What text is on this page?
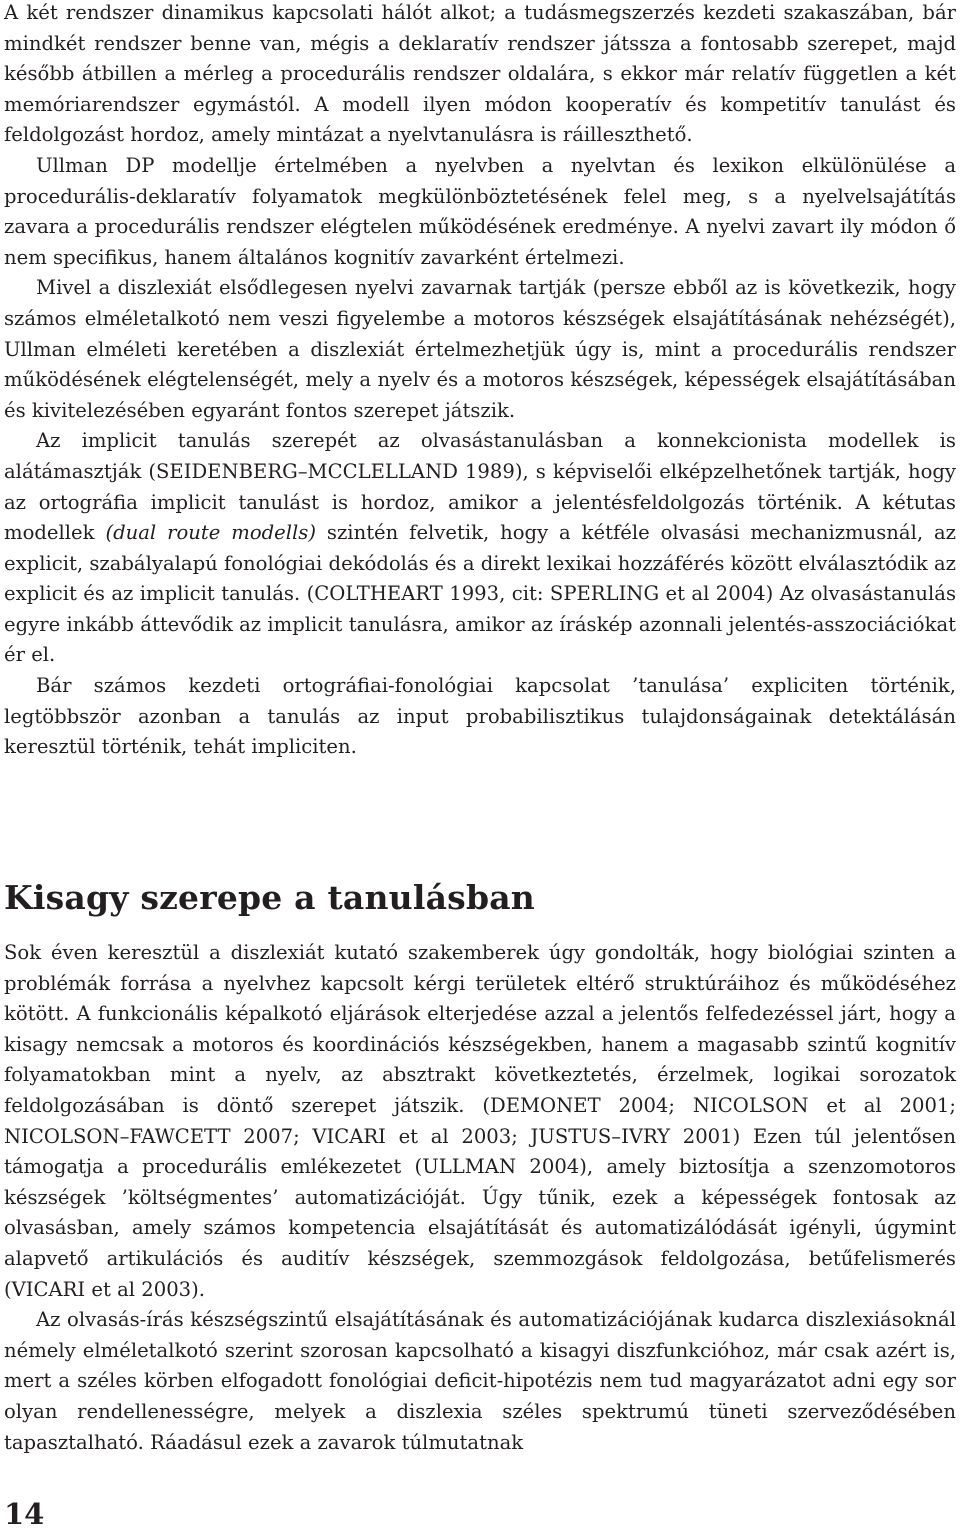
A két rendszer dinamikus kapcsolati hálót alkot; a tudásmegszerzés kezdeti szakaszában, bár mindkét rendszer benne van, mégis a deklaratív rendszer játssza a fontosabb szerepet, majd később átbillen a mérleg a procedurális rendszer oldalára, s ekkor már relatív független a két memóriarendszer egymástól. A modell ilyen módon kooperatív és kompetitív tanulást és feldolgozást hordoz, amely mintázat a nyelvtanulásra is ráilleszthető.

Ullman DP modellje értelmében a nyelvben a nyelvtan és lexikon elkülönülése a procedurális-deklaratív folyamatok megkülönböztetésének felel meg, s a nyelvelsajátítás zavara a procedurális rendszer elégtelen működésének eredménye. A nyelvi zavart ily módon ő nem specifikus, hanem általános kognitív zavarként értelmezi.

Mivel a diszlexiát elsődlegesen nyelvi zavarnak tartják (persze ebből az is következik, hogy számos elméletalkotó nem veszi figyelembe a motoros készségek elsajátításának nehézségét), Ullman elméleti keretében a diszlexiát értelmezhetjük úgy is, mint a procedurális rendszer működésének elégtelenségét, mely a nyelv és a motoros készségek, képességek elsajátításában és kivitelezésében egyaránt fontos szerepet játszik.

Az implicit tanulás szerepét az olvasástanulásban a konnekcionista modellek is alátámasztják (SEIDENBERG–MCCLELLAND 1989), s képviselői elképzelhetőnek tartják, hogy az ortográfia implicit tanulást is hordoz, amikor a jelentésfeldolgozás történik. A kétutas modellek (dual route modells) szintén felvetik, hogy a kétféle olvasási mechanizmusnál, az explicit, szabályalapú fonológiai dekódolás és a direkt lexikai hozzáférés között elválasztódik az explicit és az implicit tanulás. (COLTHEART 1993, cit: SPERLING et al 2004) Az olvasástanulás egyre inkább áttevődik az implicit tanulásra, amikor az íráskép azonnali jelentés-asszociációkat ér el.

Bár számos kezdeti ortográfiai-fonológiai kapcsolat ’tanulása’ expliciten történik, legtöbbször azonban a tanulás az input probabilisztikus tulajdonságainak detektálásán keresztül történik, tehát impliciten.

Kisagy szerepe a tanulásban

Sok éven keresztül a diszlexiát kutató szakemberek úgy gondolták, hogy biológiai szinten a problémák forrása a nyelvhez kapcsolt kérgi területek eltérő struktúráihoz és működéséhez kötött. A funkcionális képalkotó eljárások elterjedése azzal a jelentős felfedezéssel járt, hogy a kisagy nemcsak a motoros és koordinációs készségekben, hanem a magasabb szintű kognitív folyamatokban mint a nyelv, az absztrakt következtetés, érzelmek, logikai sorozatok feldolgozásában is döntő szerepet játszik. (DEMONET 2004; NICOLSON et al 2001; NICOLSON–FAWCETT 2007; VICARI et al 2003; JUSTUS–IVRY 2001) Ezen túl jelentősen támogatja a procedurális emlékezetet (ULLMAN 2004), amely biztosítja a szenzomotoros készségek ’költségmentes’ automatizációját. Úgy tűnik, ezek a képességek fontosak az olvasásban, amely számos kompetencia elsajátítását és automatizálódását igényli, úgymint alapvető artikulációs és auditív készségek, szemmozgások feldolgozása, betűfelismerés (VICARI et al 2003).

Az olvasás-írás készségszintű elsajátításának és automatizációjának kudarca diszlexiásoknál némely elméletalkotó szerint szorosan kapcsolható a kisagyi diszfunkcióhoz, már csak azért is, mert a széles körben elfogadott fonológiai deficit-hipotézis nem tud magyarázatot adni egy sor olyan rendellenességre, melyek a diszlexia széles spektrumú tüneti szerveződésében tapasztalható. Ráadásul ezek a zavarok túlmutatnak

14
